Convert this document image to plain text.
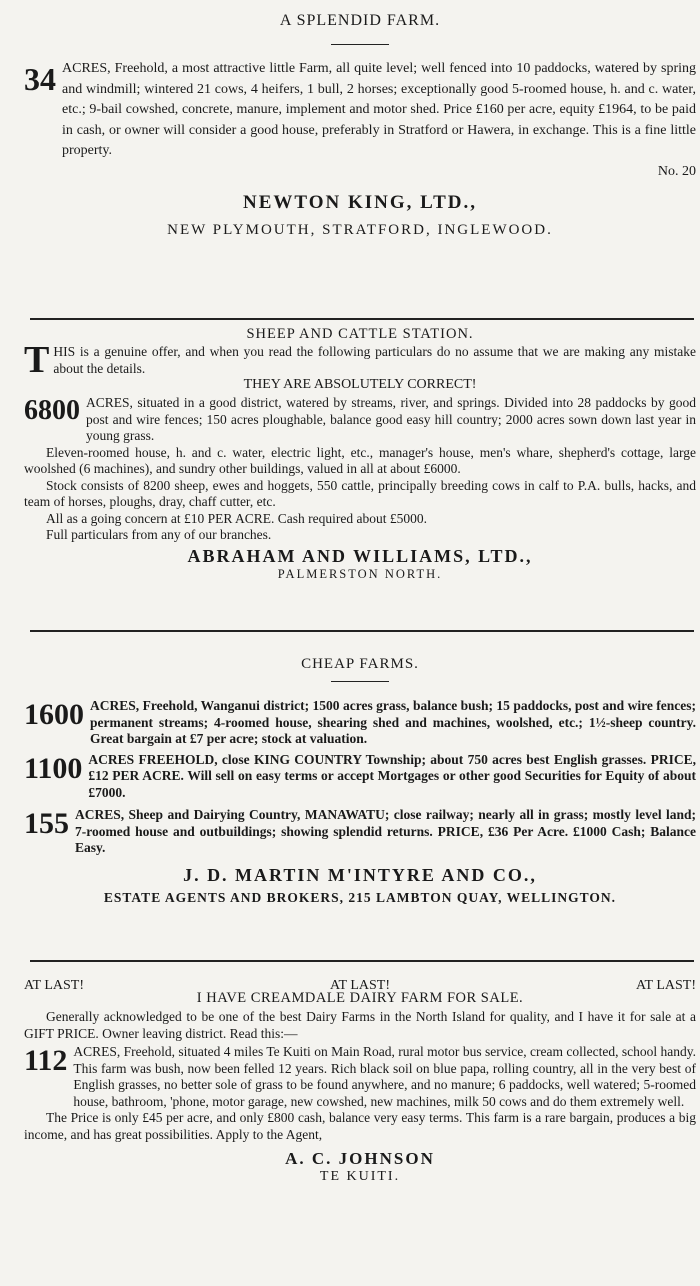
A SPLENDID FARM.
34 ACRES, Freehold, a most attractive little Farm, all quite level; well fenced into 10 paddocks, watered by spring and windmill; wintered 21 cows, 4 heifers, 1 bull, 2 horses; exceptionally good 5-roomed house, h. and c. water, etc.; 9-bail cowshed, concrete, manure, implement and motor shed. Price £160 per acre, equity £1964, to be paid in cash, or owner will consider a good house, preferably in Stratford or Hawera, in exchange. This is a fine little property.
No. 20
NEWTON KING, LTD.,
NEW PLYMOUTH, STRATFORD, INGLEWOOD.
SHEEP AND CATTLE STATION.
T HIS is a genuine offer, and when you read the following particulars do no assume that we are making any mistake about the details.
THEY ARE ABSOLUTELY CORRECT!
6800 ACRES, situated in a good district, watered by streams, river, and springs. Divided into 28 paddocks by good post and wire fences; 150 acres ploughable, balance good easy hill country; 2000 acres sown down last year in young grass.
Eleven-roomed house, h. and c. water, electric light, etc., manager's house, men's whare, shepherd's cottage, large woolshed (6 machines), and sundry other buildings, valued in all at about £6000.
Stock consists of 8200 sheep, ewes and hoggets, 550 cattle, principally breeding cows in calf to P.A. bulls, hacks, and team of horses, ploughs, dray, chaff cutter, etc.
All as a going concern at £10 PER ACRE. Cash required about £5000.
Full particulars from any of our branches.
ABRAHAM AND WILLIAMS, LTD.,
PALMERSTON NORTH.
CHEAP FARMS.
1600 ACRES, Freehold, Wanganui district; 1500 acres grass, balance bush; 15 paddocks, post and wire fences; permanent streams; 4-roomed house, shearing shed and machines, woolshed, etc.; 1½-sheep country. Great bargain at £7 per acre; stock at valuation.
1100 ACRES FREEHOLD, close KING COUNTRY Township; about 750 acres best English grasses. PRICE, £12 PER ACRE. Will sell on easy terms or accept Mortgages or other good Securities for Equity of about £7000.
155 ACRES, Sheep and Dairying Country, MANAWATU; close railway; nearly all in grass; mostly level land; 7-roomed house and outbuildings; showing splendid returns. PRICE, £36 Per Acre. £1000 Cash; Balance Easy.
J. D. MARTIN M'INTYRE AND CO.,
ESTATE AGENTS AND BROKERS, 215 LAMBTON QUAY, WELLINGTON.
AT LAST!	AT LAST!	AT LAST!
I HAVE CREAMDALE DAIRY FARM FOR SALE.
Generally acknowledged to be one of the best Dairy Farms in the North Island for quality, and I have it for sale at a GIFT PRICE. Owner leaving district. Read this:—
112 ACRES, Freehold, situated 4 miles Te Kuiti on Main Road, rural motor bus service, cream collected, school handy. This farm was bush, now been felled 12 years. Rich black soil on blue papa, rolling country, all in the very best of English grasses, no better sole of grass to be found anywhere, and no manure; 6 paddocks, well watered; 5-roomed house, bathroom, 'phone, motor garage, new cowshed, new machines, milk 50 cows and do them extremely well.
The Price is only £45 per acre, and only £800 cash, balance very easy terms. This farm is a rare bargain, produces a big income, and has great possibilities. Apply to the Agent,
A. C. JOHNSON
TE KUITI.
